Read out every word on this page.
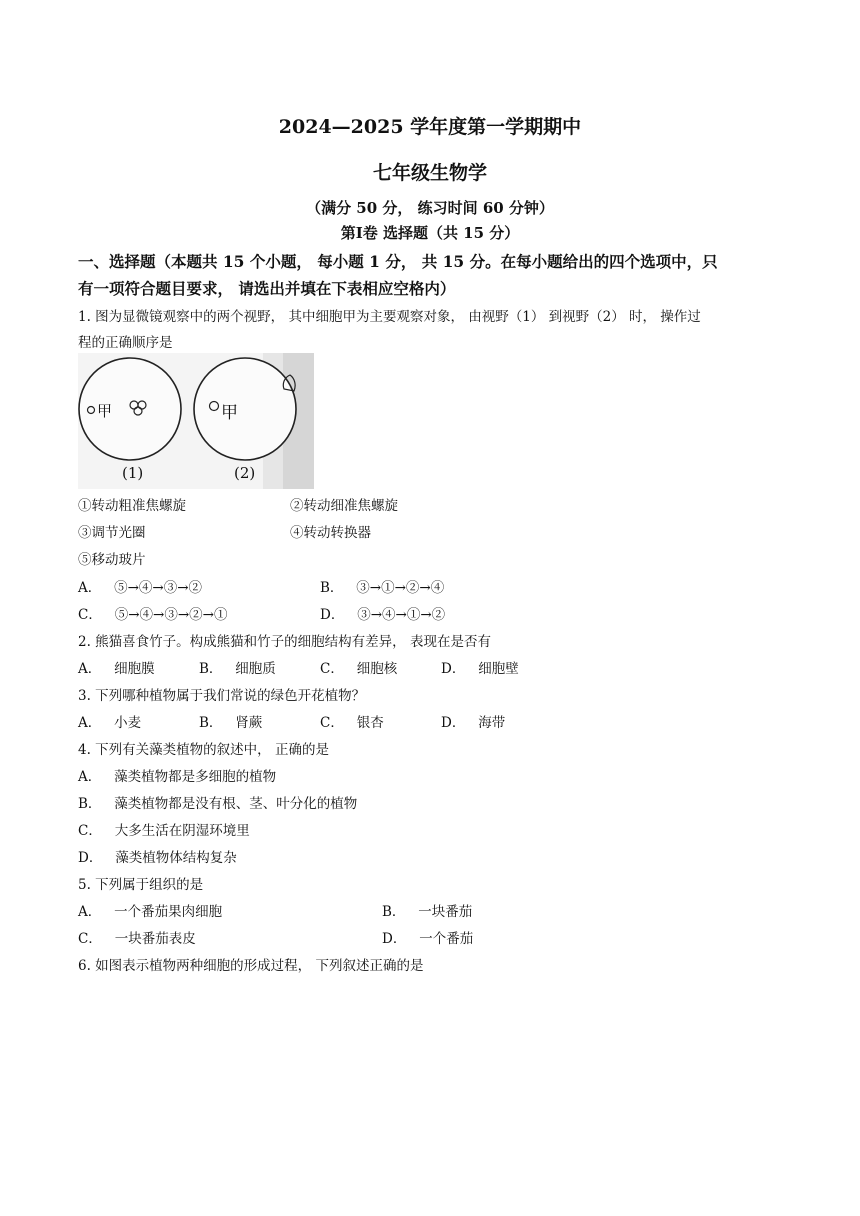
2024—2025 学年度第一学期期中
七年级生物学
（满分 50 分， 练习时间 60 分钟）
第Ⅰ卷 选择题（共 15 分）
一、选择题（本题共 15 个小题， 每小题 1 分， 共 15 分。在每小题给出的四个选项中，只
有一项符合题目要求， 请选出并填在下表相应空格内）
1. 图为显微镜观察中的两个视野， 其中细胞甲为主要观察对象， 由视野（1） 到视野（2） 时， 操作过
程的正确顺序是
甲
(1)
甲
(2)
①转动粗准焦螺旋	②转动细准焦螺旋
③调节光圈	④转动转换器
⑤移动玻片
A． ⑤→④→③→②	B． ③→①→②→④
C． ⑤→④→③→②→①	D． ③→④→①→②
2. 熊猫喜食竹子。构成熊猫和竹子的细胞结构有差异， 表现在是否有
A． 细胞膜	B． 细胞质	C． 细胞核	D． 细胞壁
3. 下列哪种植物属于我们常说的绿色开花植物？
A． 小麦	B． 肾蕨	C． 银杏	D． 海带
4. 下列有关藻类植物的叙述中， 正确的是
A． 藻类植物都是多细胞的植物
B． 藻类植物都是没有根、茎、叶分化的植物
C． 大多生活在阴湿环境里
D． 藻类植物体结构复杂
5. 下列属于组织的是
A． 一个番茄果肉细胞	B． 一块番茄
C． 一块番茄表皮	D． 一个番茄
6. 如图表示植物两种细胞的形成过程， 下列叙述正确的是
